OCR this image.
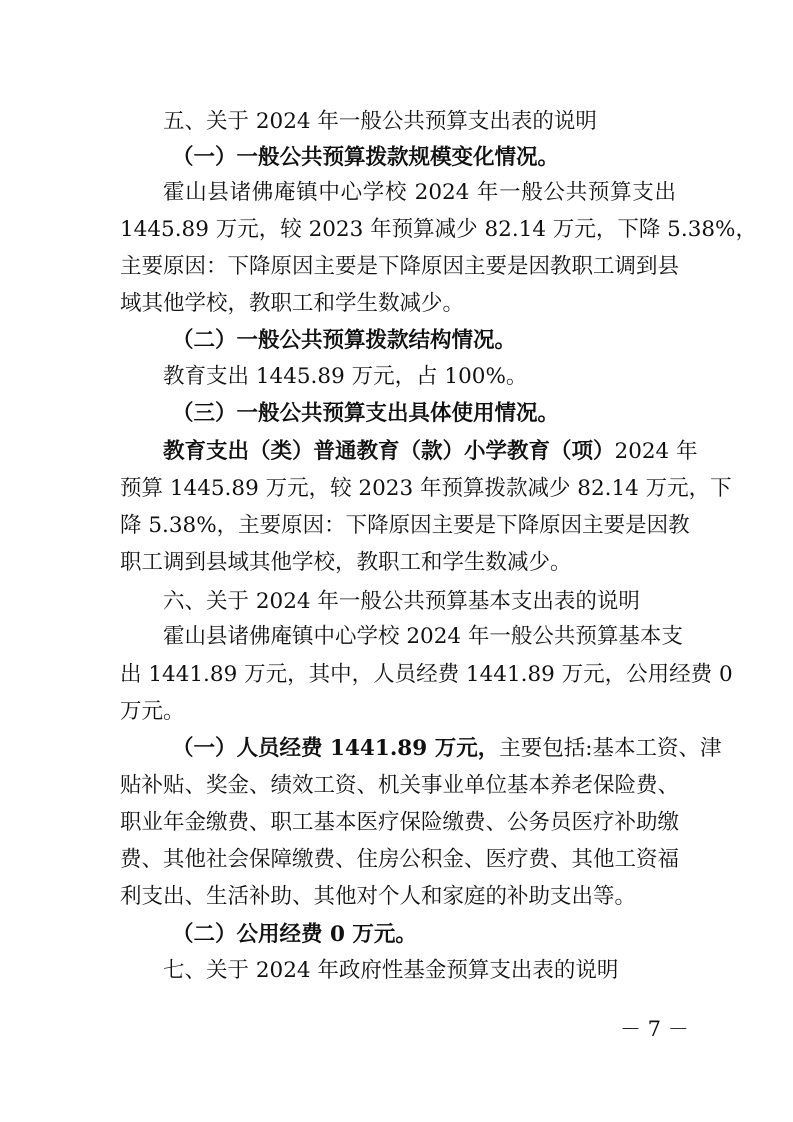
五、关于 2024 年一般公共预算支出表的说明
（一）一般公共预算拨款规模变化情况。
霍山县诸佛庵镇中心学校 2024 年一般公共预算支出
1445.89 万元，较 2023 年预算减少 82.14 万元，下降 5.38%，
主要原因：下降原因主要是下降原因主要是因教职工调到县
域其他学校，教职工和学生数减少。
（二）一般公共预算拨款结构情况。
教育支出 1445.89 万元，占 100%。
（三）一般公共预算支出具体使用情况。
教育支出（类）普通教育（款）小学教育（项）2024 年
预算 1445.89 万元，较 2023 年预算拨款减少 82.14 万元，下
降 5.38%，主要原因：下降原因主要是下降原因主要是因教
职工调到县域其他学校，教职工和学生数减少。
六、关于 2024 年一般公共预算基本支出表的说明
霍山县诸佛庵镇中心学校 2024 年一般公共预算基本支
出 1441.89 万元，其中，人员经费 1441.89 万元，公用经费 0
万元。
（一）人员经费 1441.89 万元，主要包括:基本工资、津
贴补贴、奖金、绩效工资、机关事业单位基本养老保险费、
职业年金缴费、职工基本医疗保险缴费、公务员医疗补助缴
费、其他社会保障缴费、住房公积金、医疗费、其他工资福
利支出、生活补助、其他对个人和家庭的补助支出等。
（二）公用经费 0 万元。
七、关于 2024 年政府性基金预算支出表的说明
－ 7 －
